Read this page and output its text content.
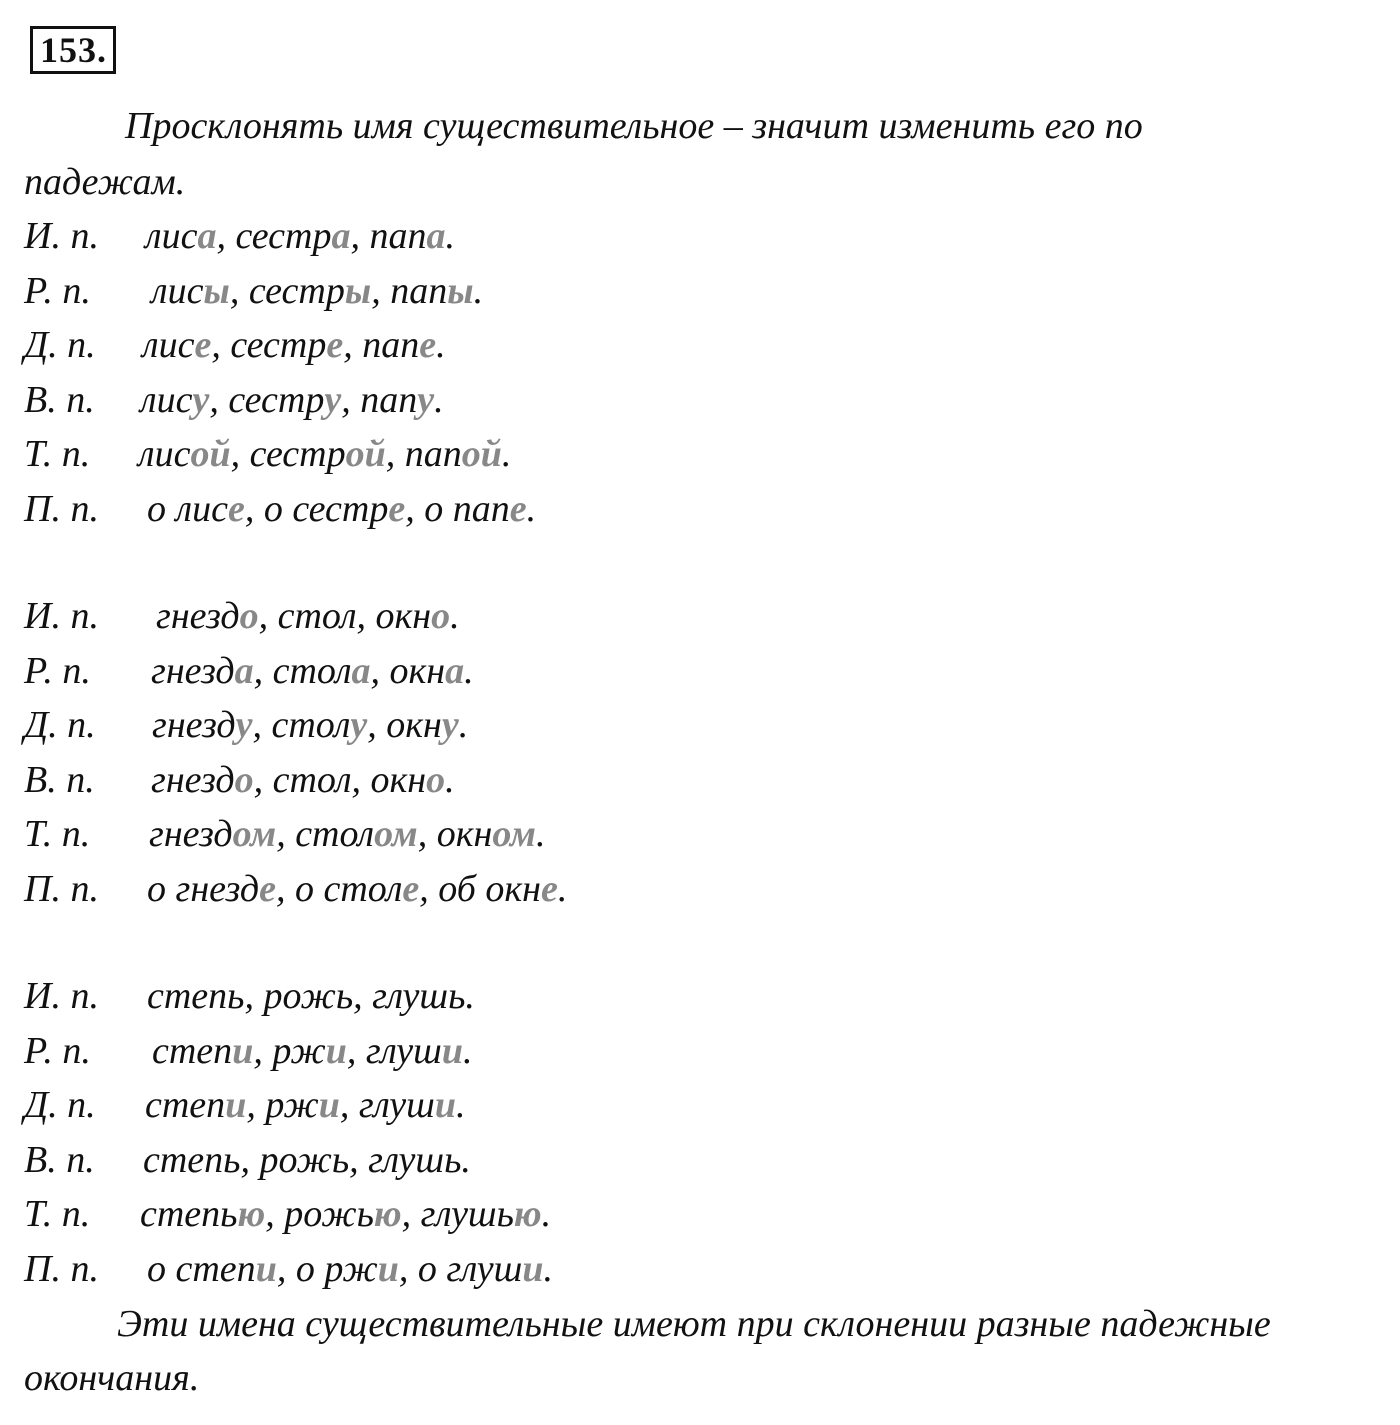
153.
Просклонять имя существительное – значит изменить его по
падежам.
И. п. лиса, сестра, папа.
Р. п. лисы, сестры, папы.
Д. п. лисе, сестре, папе.
В. п. лису, сестру, папу.
Т. п. лисой, сестрой, папой.
П. п. о лисе, о сестре, о папе.
И. п. гнездо, стол, окно.
Р. п. гнезда, стола, окна.
Д. п. гнезду, столу, окну.
В. п. гнездо, стол, окно.
Т. п. гнездом, столом, окном.
П. п. о гнезде, о столе, об окне.
И. п. степь, рожь, глушь.
Р. п. степи, ржи, глуши.
Д. п. степи, ржи, глуши.
В. п. степь, рожь, глушь.
Т. п. степью, рожью, глушью.
П. п. о степи, о ржи, о глуши.
Эти имена существительные имеют при склонении разные падежные
окончания.
